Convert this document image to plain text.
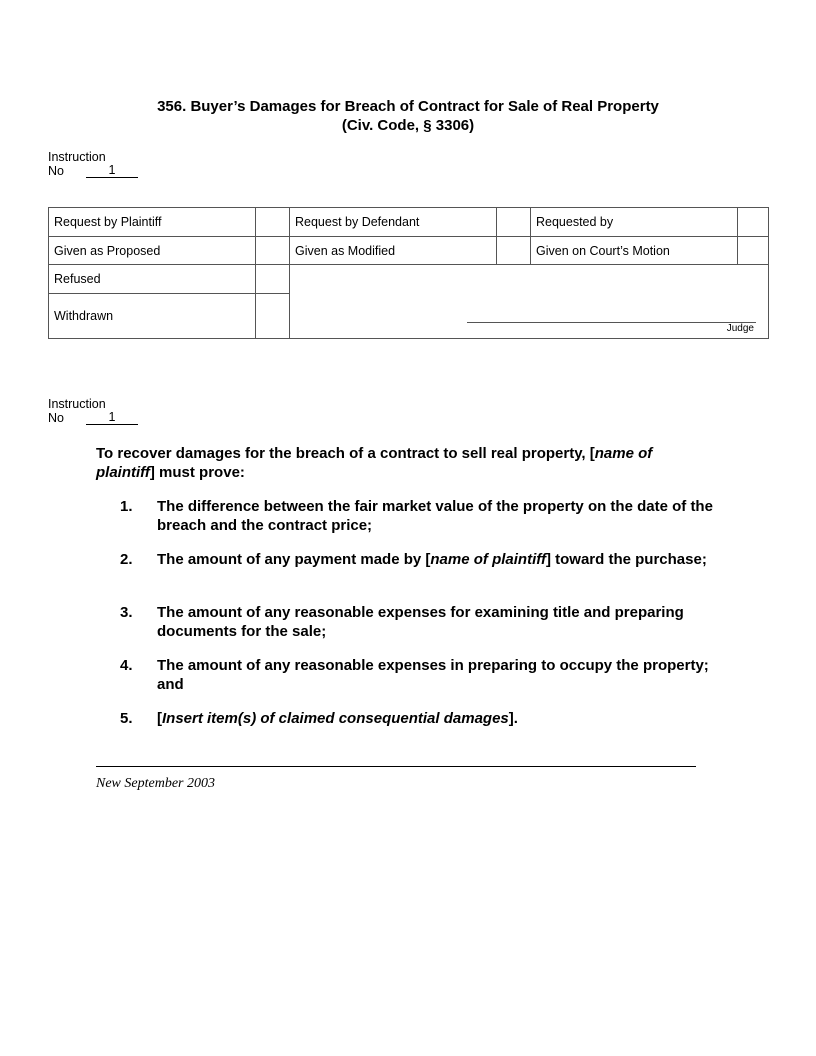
356. Buyer’s Damages for Breach of Contract for Sale of Real Property
(Civ. Code, § 3306)
Instruction
No	1
Request by Plaintiff	Request by Defendant	Requested by
Given as Proposed	Given as Modified	Given on Court’s Motion
Refused
Withdrawn
Judge
Instruction
No	1
To recover damages for the breach of a contract to sell real property, [name of plaintiff] must prove:
1.	The difference between the fair market value of the property on the date of the breach and the contract price;
2.	The amount of any payment made by [name of plaintiff] toward the purchase;
3.	The amount of any reasonable expenses for examining title and preparing documents for the sale;
4.	The amount of any reasonable expenses in preparing to occupy the property; and
5.	[Insert item(s) of claimed consequential damages].
New September 2003
